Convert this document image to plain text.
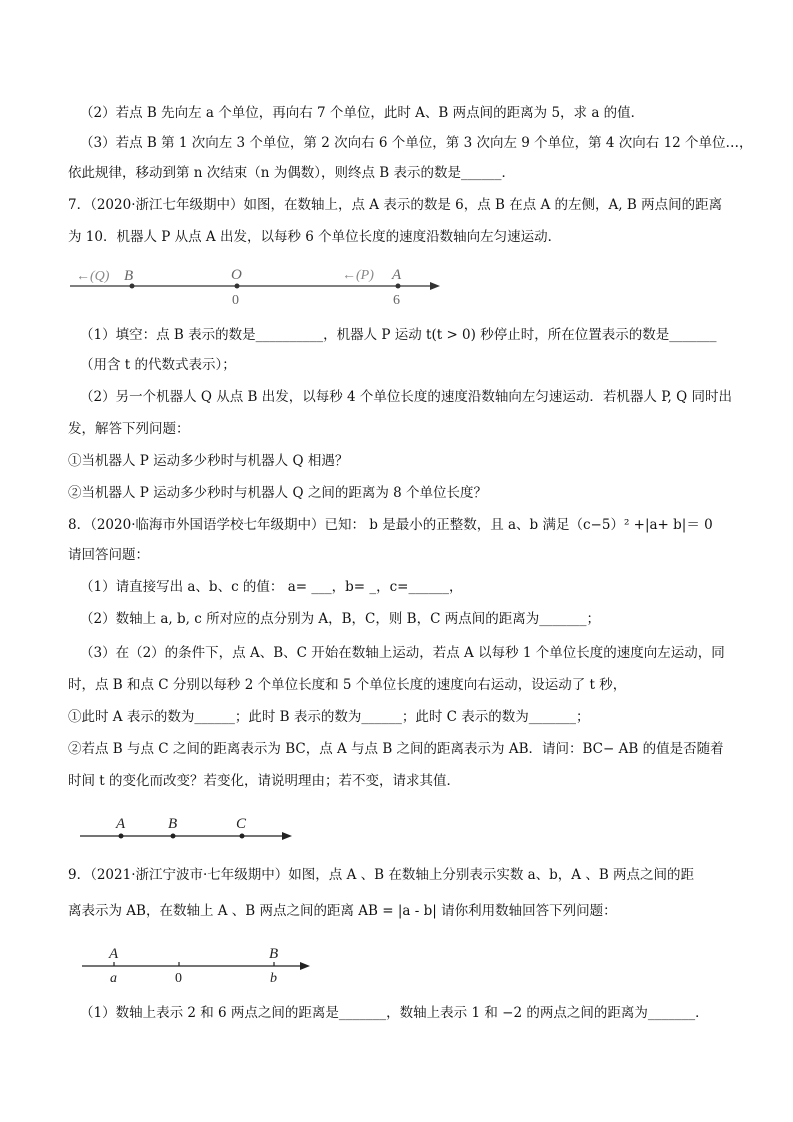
（2）若点 B 先向左 a 个单位，再向右 7 个单位，此时 A、B 两点间的距离为 5，求 a 的值．
（3）若点 B 第 1 次向左 3 个单位，第 2 次向右 6 个单位，第 3 次向左 9 个单位，第 4 次向右 12 个单位…，
依此规律，移动到第 n 次结束（n 为偶数），则终点 B 表示的数是______．
7．（2020·浙江七年级期中）如图，在数轴上，点 A 表示的数是 6，点 B 在点 A 的左侧，A, B 两点间的距离
为 10．机器人 P 从点 A 出发，以每秒 6 个单位长度的速度沿数轴向左匀速运动．
←(Q) B	O
0
←(P) A
6
（1）填空：点 B 表示的数是__________，机器人 P 运动 t(t > 0) 秒停止时，所在位置表示的数是_______
（用含 t 的代数式表示）；
（2）另一个机器人 Q 从点 B 出发，以每秒 4 个单位长度的速度沿数轴向左匀速运动．若机器人 P, Q 同时出
发，解答下列问题：
①当机器人 P 运动多少秒时与机器人 Q 相遇？
②当机器人 P 运动多少秒时与机器人 Q 之间的距离为 8 个单位长度？
8．（2020·临海市外国语学校七年级期中）已知： b 是最小的正整数，且 a、b 满足（c−5）² +|a+ b|＝ 0
请回答问题：
（1）请直接写出 a、b、c 的值： a= ___，b= _，c=______，
（2）数轴上 a, b, c 所对应的点分别为 A，B，C，则 B，C 两点间的距离为_______；
（3）在（2）的条件下，点 A、B、C 开始在数轴上运动，若点 A 以每秒 1 个单位长度的速度向左运动，同
时，点 B 和点 C 分别以每秒 2 个单位长度和 5 个单位长度的速度向右运动，设运动了 t 秒，
①此时 A 表示的数为______；此时 B 表示的数为______；此时 C 表示的数为_______；
②若点 B 与点 C 之间的距离表示为 BC，点 A 与点 B 之间的距离表示为 AB．请问：BC− AB 的值是否随着
时间 t 的变化而改变？若变化，请说明理由；若不变，请求其值．
A	B	C
9．（2021·浙江宁波市·七年级期中）如图，点 A 、B 在数轴上分别表示实数 a、b，A 、B 两点之间的距
离表示为 AB，在数轴上 A 、B 两点之间的距离 AB = |a - b| 请你利用数轴回答下列问题：
A
a	0
B
b
（1）数轴上表示 2 和 6 两点之间的距离是_______，数轴上表示 1 和 −2 的两点之间的距离为_______．
